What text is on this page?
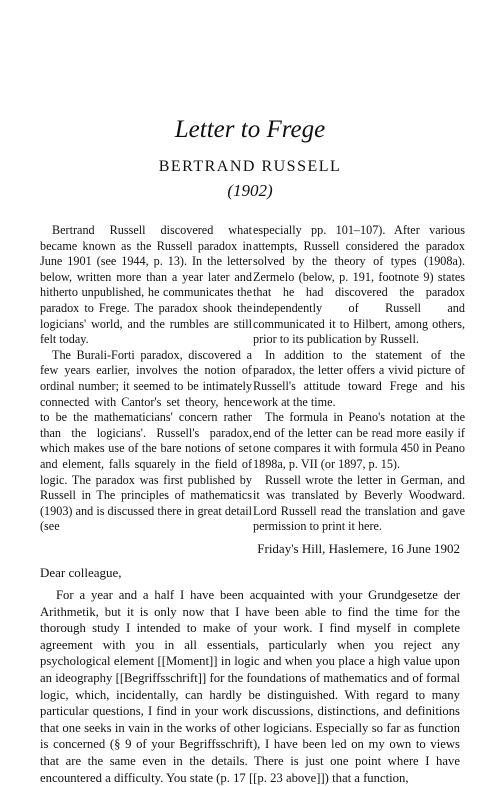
Letter to Frege
BERTRAND RUSSELL
(1902)

Bertrand Russell discovered what became known as the Russell paradox in June 1901 (see 1944, p. 13). In the letter below, written more than a year later and hitherto unpublished, he communicates the paradox to Frege. The paradox shook the logicians' world, and the rumbles are still felt today.

The Burali-Forti paradox, discovered a few years earlier, involves the notion of ordinal number; it seemed to be intimately connected with Cantor's set theory, hence to be the mathematicians' concern rather than the logicians'. Russell's paradox, which makes use of the bare notions of set and element, falls squarely in the field of logic. The paradox was first published by Russell in The principles of mathematics (1903) and is discussed there in great detail (see

especially pp. 101–107). After various attempts, Russell considered the paradox solved by the theory of types (1908a). Zermelo (below, p. 191, footnote 9) states that he had discovered the paradox independently of Russell and communicated it to Hilbert, among others, prior to its publication by Russell.

In addition to the statement of the paradox, the letter offers a vivid picture of Russell's attitude toward Frege and his work at the time.

The formula in Peano's notation at the end of the letter can be read more easily if one compares it with formula 450 in Peano 1898a, p. VII (or 1897, p. 15).

Russell wrote the letter in German, and it was translated by Beverly Woodward. Lord Russell read the translation and gave permission to print it here.

Friday's Hill, Haslemere, 16 June 1902
Dear colleague,

For a year and a half I have been acquainted with your Grundgesetze der Arithmetik, but it is only now that I have been able to find the time for the thorough study I intended to make of your work. I find myself in complete agreement with you in all essentials, particularly when you reject any psychological element [[Moment]] in logic and when you place a high value upon an ideography [[Begriffsschrift]] for the foundations of mathematics and of formal logic, which, incidentally, can hardly be distinguished. With regard to many particular questions, I find in your work discussions, distinctions, and definitions that one seeks in vain in the works of other logicians. Especially so far as function is concerned (§ 9 of your Begriffsschrift), I have been led on my own to views that are the same even in the details. There is just one point where I have encountered a difficulty. You state (p. 17 [[p. 23 above]]) that a function,
